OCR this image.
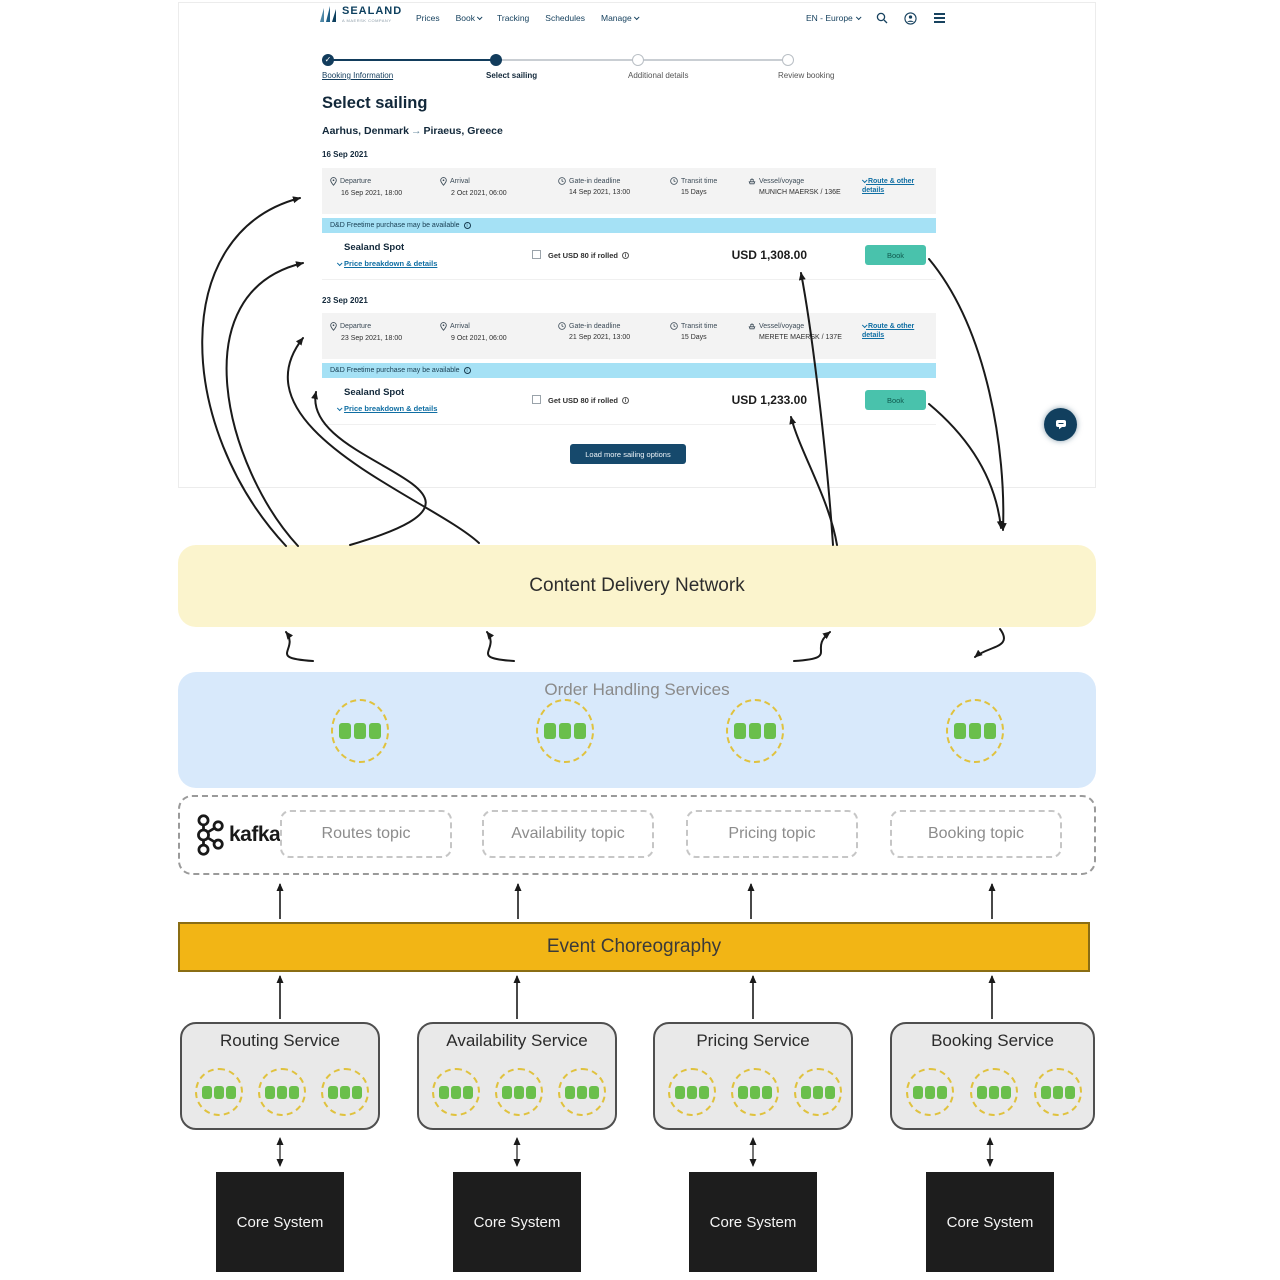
SEALAND
A MAERSK COMPANY	Prices Book	Tracking Schedules Manage	EN - Europe
✓
Booking Information	Select sailing	Additional details	Review booking
Select sailing
Aarhus, Denmark → Piraeus, Greece
16 Sep 2021
Departure
16 Sep 2021, 18:00
Arrival
2 Oct 2021, 06:00
Gate-in deadline
14 Sep 2021, 13:00
Transit time
15 Days
Vessel/voyage
MUNICH MAERSK / 136E
Route & other details
D&D Freetime purchase may be available	i
Sealand Spot
Price breakdown & details
Get USD 80 if rolled	i	USD 1,308.00	Book
23 Sep 2021
Departure
23 Sep 2021, 18:00
Arrival
9 Oct 2021, 06:00
Gate-in deadline
21 Sep 2021, 13:00
Transit time
15 Days
Vessel/voyage
MERETE MAERSK / 137E
Route & other details
D&D Freetime purchase may be available	i
Sealand Spot
Price breakdown & details
Get USD 80 if rolled	i	USD 1,233.00	Book
Load more sailing options
Content Delivery Network
Order Handling Services
kafka	Routes topic	Availability topic	Pricing topic	Booking topic
Event Choreography
Routing Service	Availability Service	Pricing Service	Booking Service
Core System	Core System	Core System	Core System
